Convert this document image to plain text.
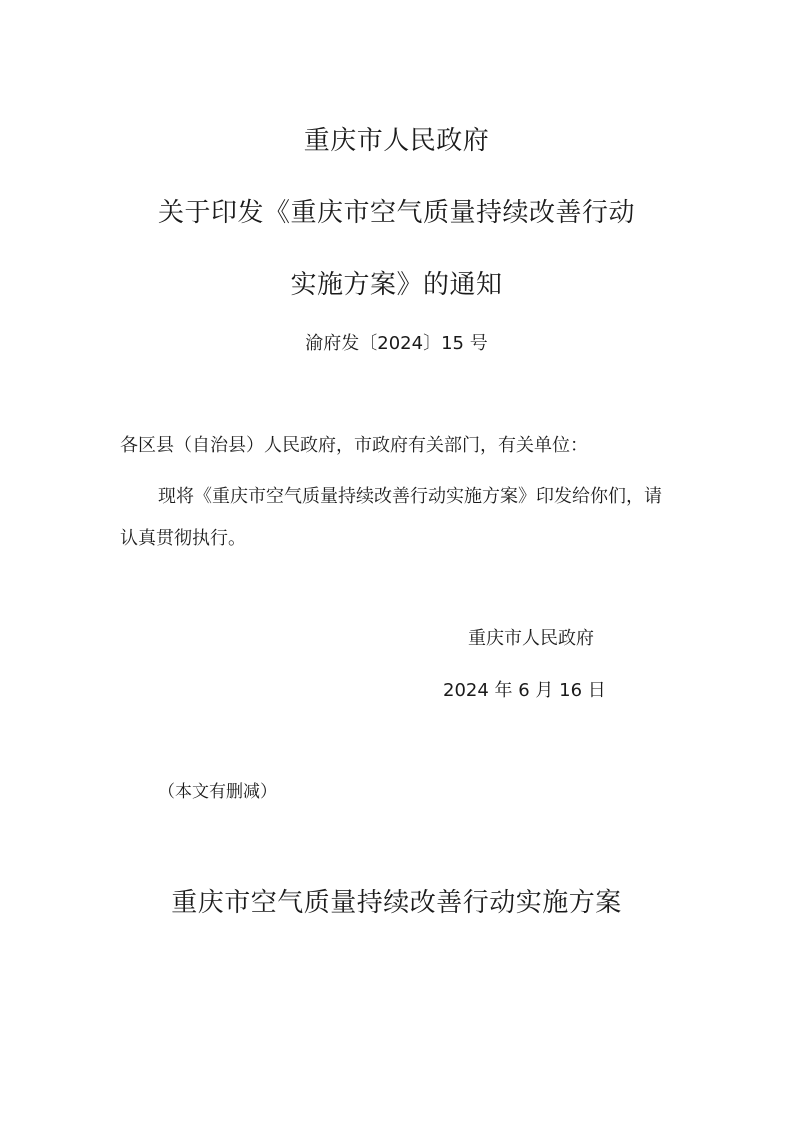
重庆市人民政府
关于印发《重庆市空气质量持续改善行动
实施方案》的通知
渝府发〔2024〕15 号
各区县（自治县）人民政府，市政府有关部门，有关单位：
现将《重庆市空气质量持续改善行动实施方案》印发给你们，请
认真贯彻执行。
重庆市人民政府
2024 年 6 月 16 日
（本文有删减）
重庆市空气质量持续改善行动实施方案
